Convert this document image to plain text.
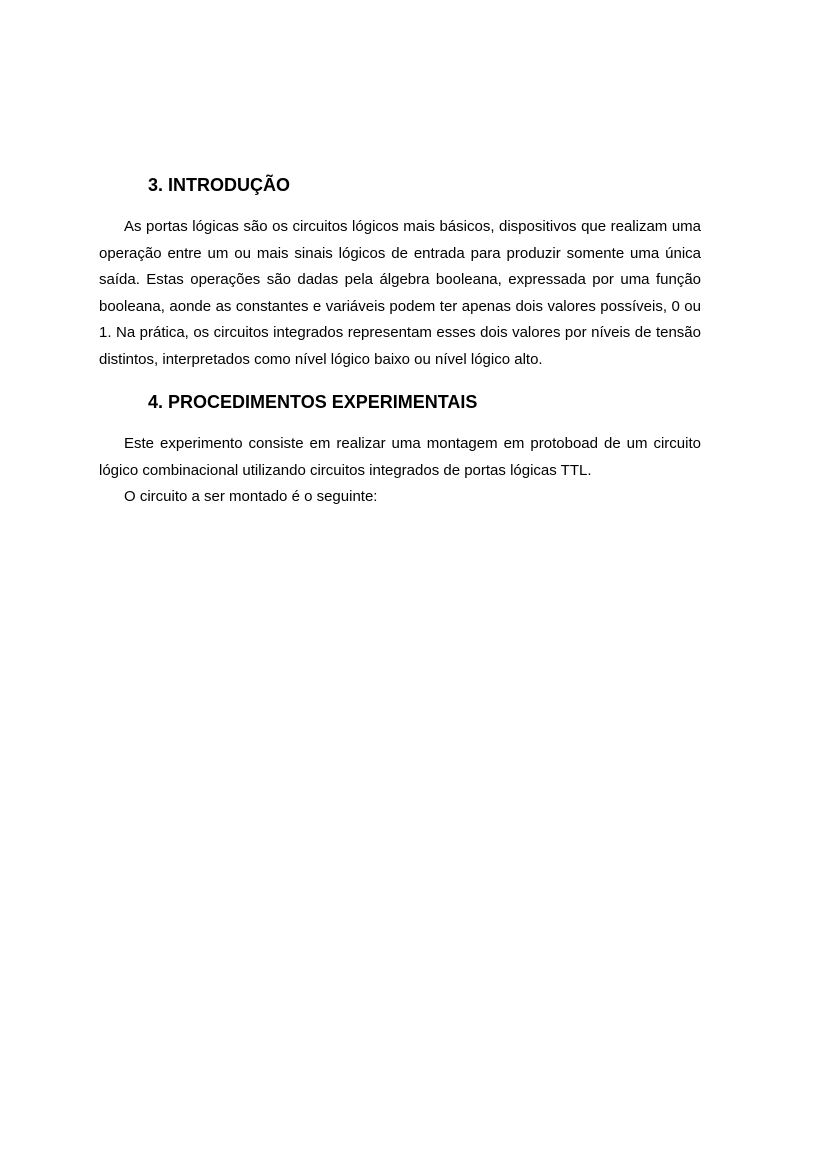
3. INTRODUÇÃO

As portas lógicas são os circuitos lógicos mais básicos, dispositivos que realizam uma operação entre um ou mais sinais lógicos de entrada para produzir somente uma única saída. Estas operações são dadas pela álgebra booleana, expressada por uma função booleana, aonde as constantes e variáveis podem ter apenas dois valores possíveis, 0 ou 1. Na prática, os circuitos integrados representam esses dois valores por níveis de tensão distintos, interpretados como nível lógico baixo ou nível lógico alto.

4. PROCEDIMENTOS EXPERIMENTAIS

Este experimento consiste em realizar uma montagem em protoboad de um circuito lógico combinacional utilizando circuitos integrados de portas lógicas TTL.

O circuito a ser montado é o seguinte:
